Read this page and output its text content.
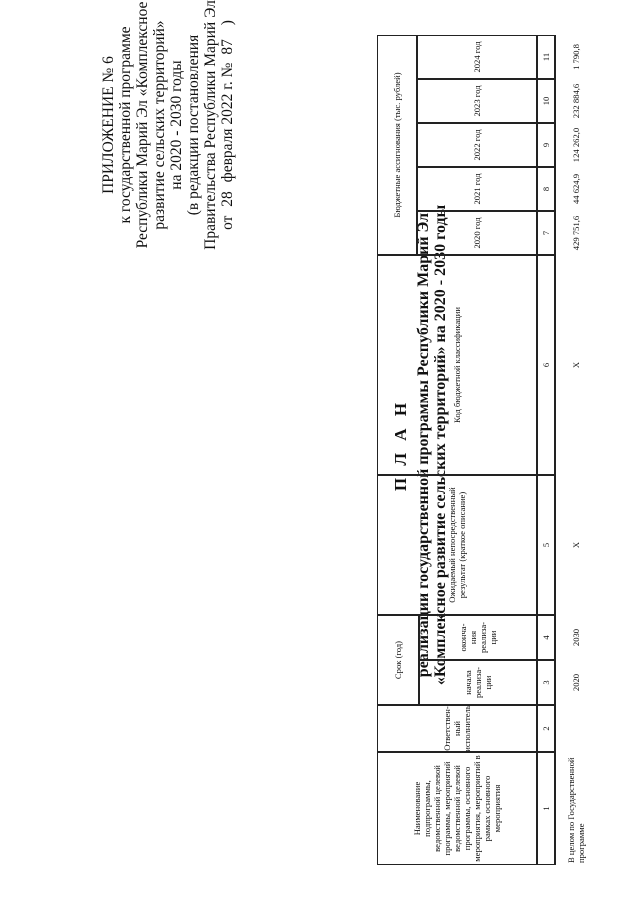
ПРИЛОЖЕНИЕ № 6 к государственной программе Республики Марий Эл «Комплексное развитие сельских территорий» на 2020 - 2030 годы (в редакции постановления Правительства Республики Марий Эл от 28 февраля 2022 г. № 87 )
П Л А Н реализации государственной программы Республики Марий Эл «Комплексное развитие сельских территорий» на 2020 - 2030 годы
Наименование подпрограммы, ведомственной целевой программы, мероприятий ведомственной целевой программы, основного мероприятия, мероприятий в рамках основного мероприятия
Ответствен-ный исполнитель
Срок (год)
начала реализа-ции
оконча-ния реализа-ции
Ожидаемый непосредственный результат (краткое описание)
Код бюджетной классификации
Бюджетные ассигнования (тыс. рублей)
2020 год
2021 год
2022 год
2023 год
2024 год
1
2
3
4
5
6
7
8
9
10
11
В целом по Государственной программе
2020
2030
Х
Х
429 751,6
44 624,9
124 262,0
232 884,6
1 790,8
